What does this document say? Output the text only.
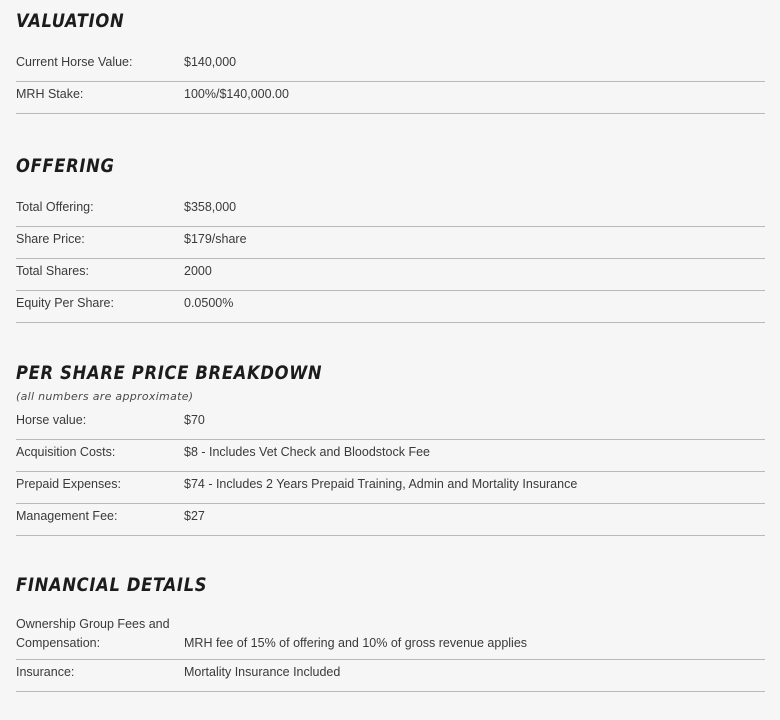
VALUATION
Current Horse Value:	$140,000
MRH Stake:	100%/$140,000.00
OFFERING
Total Offering:	$358,000
Share Price:	$179/share
Total Shares:	2000
Equity Per Share:	0.0500%
PER SHARE PRICE BREAKDOWN
(all numbers are approximate)
Horse value:	$70
Acquisition Costs:	$8 - Includes Vet Check and Bloodstock Fee
Prepaid Expenses:	$74 - Includes 2 Years Prepaid Training, Admin and Mortality Insurance
Management Fee:	$27
FINANCIAL DETAILS
Ownership Group Fees and Compensation:	MRH fee of 15% of offering and 10% of gross revenue applies
Insurance:	Mortality Insurance Included
